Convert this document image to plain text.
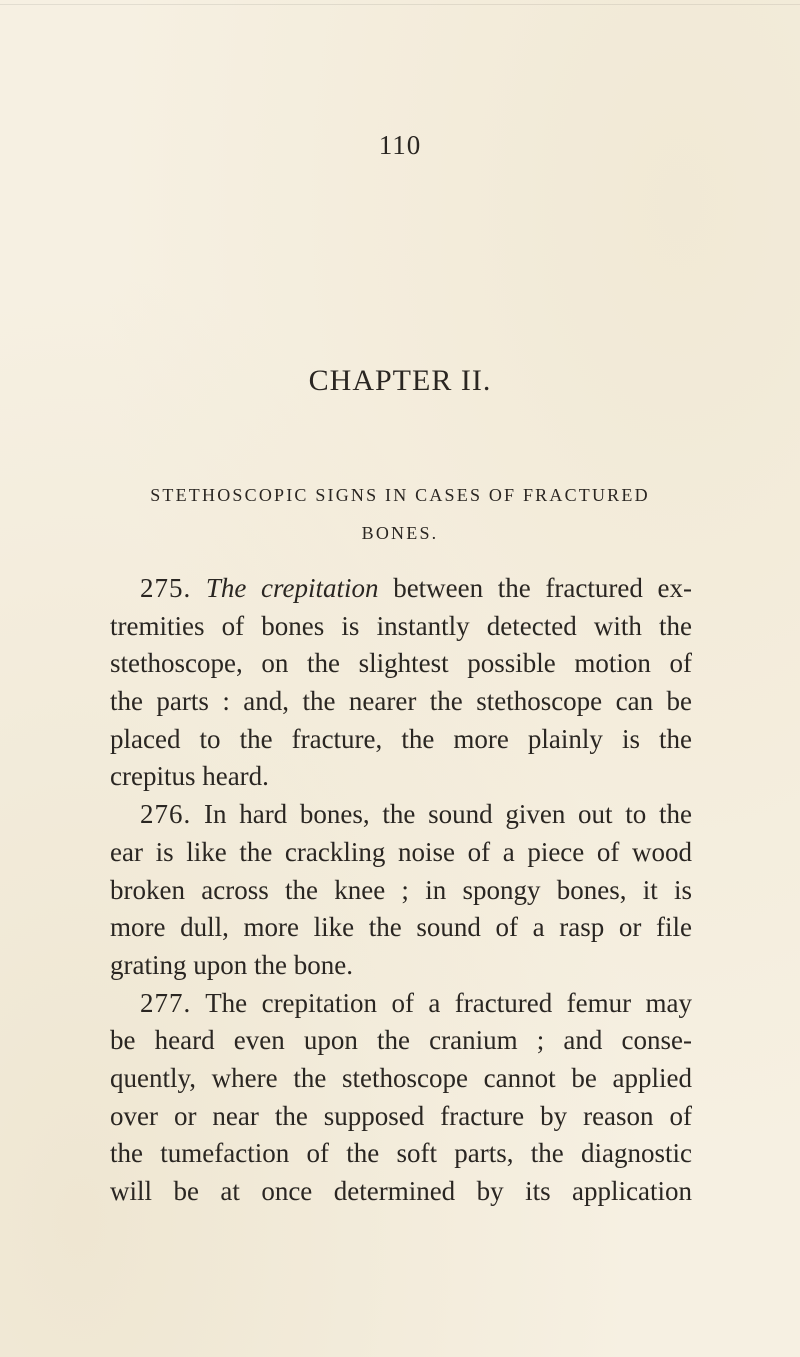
110
CHAPTER II.
STETHOSCOPIC SIGNS IN CASES OF FRACTURED
BONES.
275. The crepitation between the fractured ex-
tremities of bones is instantly detected with the
stethoscope, on the slightest possible motion of
the parts : and, the nearer the stethoscope can be
placed to the fracture, the more plainly is the
crepitus heard.
276. In hard bones, the sound given out to the
ear is like the crackling noise of a piece of wood
broken across the knee ; in spongy bones, it is
more dull, more like the sound of a rasp or file
grating upon the bone.
277. The crepitation of a fractured femur may
be heard even upon the cranium ; and conse-
quently, where the stethoscope cannot be applied
over or near the supposed fracture by reason of
the tumefaction of the soft parts, the diagnostic
will be at once determined by its application
